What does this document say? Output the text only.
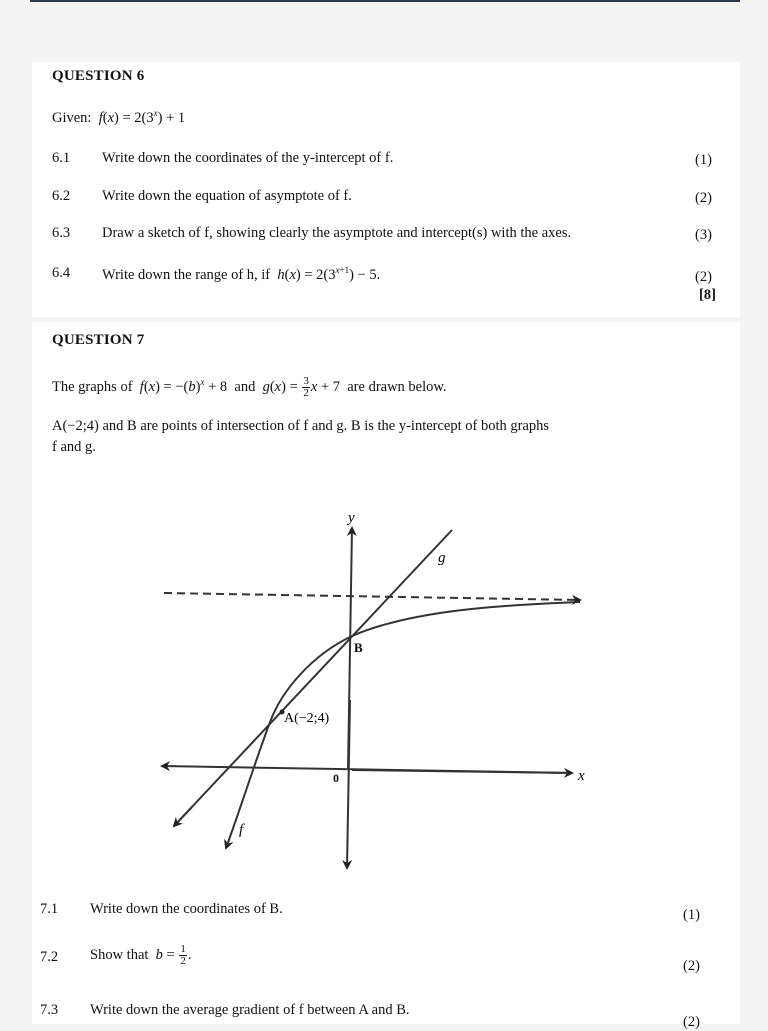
QUESTION 6
Given: $f(x) = 2(3^x) + 1$
6.1 Write down the coordinates of the y-intercept of f.	(1)
6.2 Write down the equation of asymptote of f.	(2)
6.3 Draw a sketch of f, showing clearly the asymptote and intercept(s) with the axes.	(3)
6.4 Write down the range of h, if $h(x) = 2(3^{x+1}) - 5$.	(2)
[8]
QUESTION 7
The graphs of $f(x) = -(b)^x + 8$  and $g(x) = \frac{3}{2}$ x + 7  are drawn below.
A(−2;4) and B are points of intersection of f and g. B is the y-intercept of both graphs
f and g.
y
x
g
f
B
A(−2;4)
0
7.1 Write down the coordinates of B.	(1)
7.2 Show that $b = \frac{1}{2}$ .
(2)
7.3 Write down the average gradient of f between A and B.
(2)
